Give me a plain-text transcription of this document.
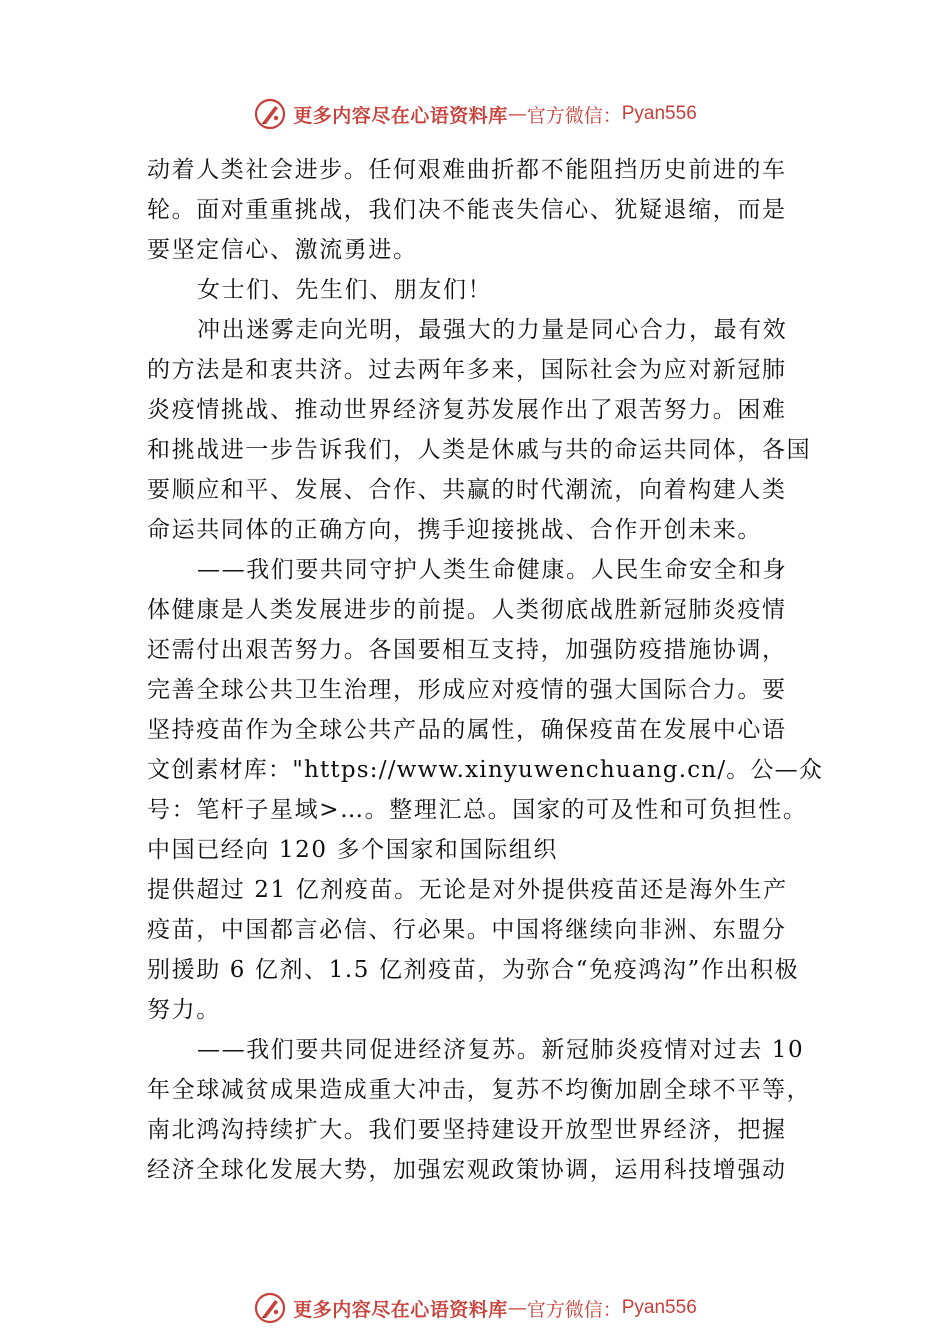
更多内容尽在心语资料库 — 官方微信： Pyan556
动着人类社会进步。任何艰难曲折都不能阻挡历史前进的车
轮。面对重重挑战，我们决不能丧失信心、犹疑退缩，而是
要坚定信心、激流勇进。
女士们、先生们、朋友们！
冲出迷雾走向光明，最强大的力量是同心合力，最有效
的方法是和衷共济。过去两年多来，国际社会为应对新冠肺
炎疫情挑战、推动世界经济复苏发展作出了艰苦努力。困难
和挑战进一步告诉我们，人类是休戚与共的命运共同体，各国
要顺应和平、发展、合作、共赢的时代潮流，向着构建人类
命运共同体的正确方向，携手迎接挑战、合作开创未来。
——我们要共同守护人类生命健康。人民生命安全和身
体健康是人类发展进步的前提。人类彻底战胜新冠肺炎疫情
还需付出艰苦努力。各国要相互支持，加强防疫措施协调，
完善全球公共卫生治理，形成应对疫情的强大国际合力。要
坚持疫苗作为全球公共产品的属性，确保疫苗在发展中心语
文创素材库："https://www.xinyuwenchuang.cn/。公—众
号：笔杆子星域>…。整理汇总。国家的可及性和可负担性。
中国已经向 120 多个国家和国际组织
提供超过 21 亿剂疫苗。无论是对外提供疫苗还是海外生产
疫苗，中国都言必信、行必果。中国将继续向非洲、东盟分
别援助 6 亿剂、1.5 亿剂疫苗，为弥合“免疫鸿沟”作出积极
努力。
——我们要共同促进经济复苏。新冠肺炎疫情对过去 10
年全球减贫成果造成重大冲击，复苏不均衡加剧全球不平等，
南北鸿沟持续扩大。我们要坚持建设开放型世界经济，把握
经济全球化发展大势，加强宏观政策协调，运用科技增强动
更多内容尽在心语资料库 — 官方微信： Pyan556
